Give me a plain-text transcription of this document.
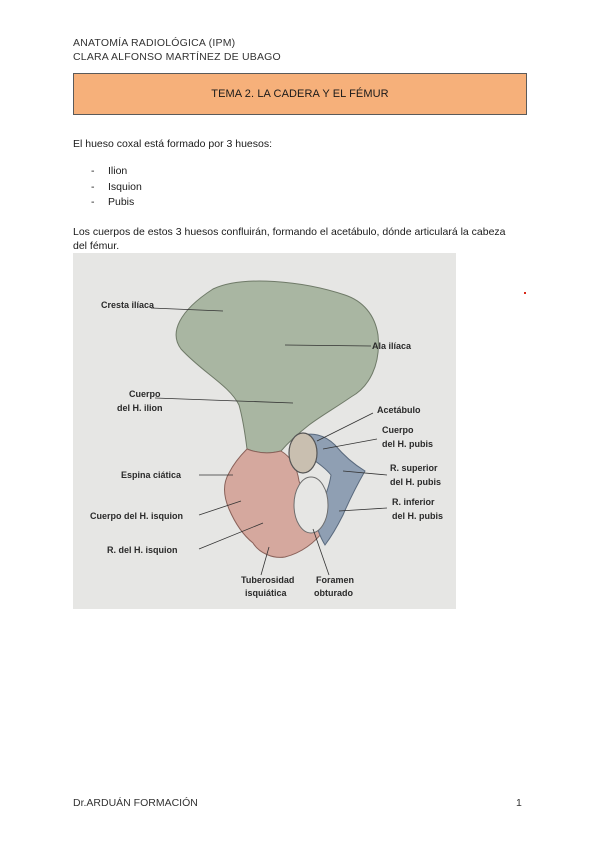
ANATOMÍA RADIOLÓGICA (IPM)
CLARA ALFONSO MARTÍNEZ DE UBAGO
TEMA 2. LA CADERA Y EL FÉMUR
El hueso coxal está formado por 3 huesos:
- Ilion
- Isquion
- Pubis
Los cuerpos de estos 3 huesos confluirán, formando el acetábulo, dónde articulará la cabeza del fémur.
Cresta ilíaca
Ala ilíaca
Cuerpo
del H. ilion	Acetábulo
Cuerpo
del H. pubis
Espina ciática
R. superior
del H. pubis
Cuerpo del H. isquion
R. inferior
del H. pubis
R. del H. isquion
Tuberosidad
isquiática
Foramen
obturado
Dr.ARDUÁN FORMACIÓN	1
